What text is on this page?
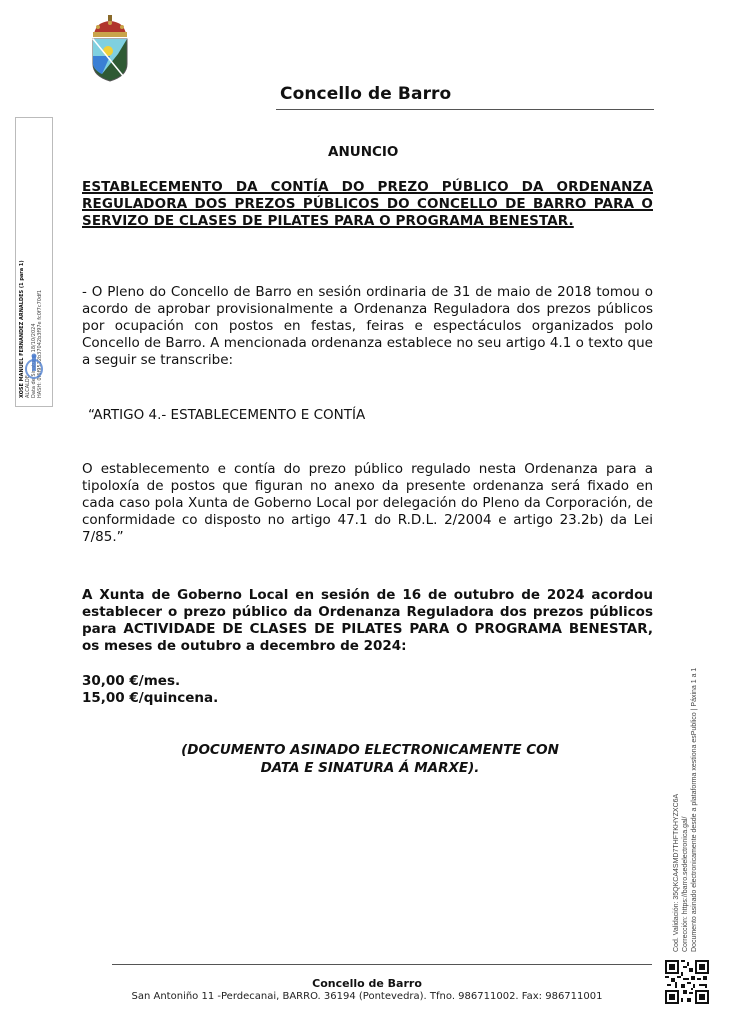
Concello de Barro
XOSE MANUEL FERNANDEZ ARNALDES (1 para 1) ALCALDE HASH: 0f6f9532b37042b3f97e fc0f7c70df1
ANUNCIO
ESTABLECEMENTO DA CONTÍA DO PREZO PÚBLICO DA ORDENANZA REGULADORA DOS PREZOS PÚBLICOS DO CONCELLO DE BARRO PARA O SERVIZO DE CLASES DE PILATES PARA O PROGRAMA BENESTAR.
- O Pleno do Concello de Barro en sesión ordinaria de 31 de maio de 2018 tomou o acordo de aprobar provisionalmente a Ordenanza Reguladora dos prezos públicos por ocupación con postos en festas, feiras e espectáculos organizados polo Concello de Barro. A mencionada ordenanza establece no seu artigo 4.1 o texto que a seguir se transcribe:
“ARTIGO 4.- ESTABLECEMENTO E CONTÍA
O establecemento e contía do prezo público regulado nesta Ordenanza para a tipoloxía de postos que figuran no anexo da presente ordenanza será fixado en cada caso pola Xunta de Goberno Local por delegación do Pleno da Corporación, de conformidade co disposto no artigo 47.1 do R.D.L. 2/2004 e artigo 23.2b) da Lei 7/85.”
A Xunta de Goberno Local en sesión de 16 de outubro de 2024 acordou establecer o prezo público da Ordenanza Reguladora dos prezos públicos para ACTIVIDADE DE CLASES DE PILATES PARA O PROGRAMA BENESTAR, os meses de outubro a decembro de 2024:
30,00 €/mes.
15,00 €/quincena.
(DOCUMENTO ASINADO ELECTRONICAMENTE CON
DATA E SINATURA Á MARXE).
Cod. Validación: 35QKCA4SMD7THFTKHYZXC6A Corrección: https://barro.sedelectronica.gal/ Documento asinado electronicamente desde a plataforma xestiona esPublico | Páxina 1 a 1
Concello de Barro
San Antoniño 11 -Perdecanai, BARRO. 36194 (Pontevedra). Tfno. 986711002. Fax: 986711001
